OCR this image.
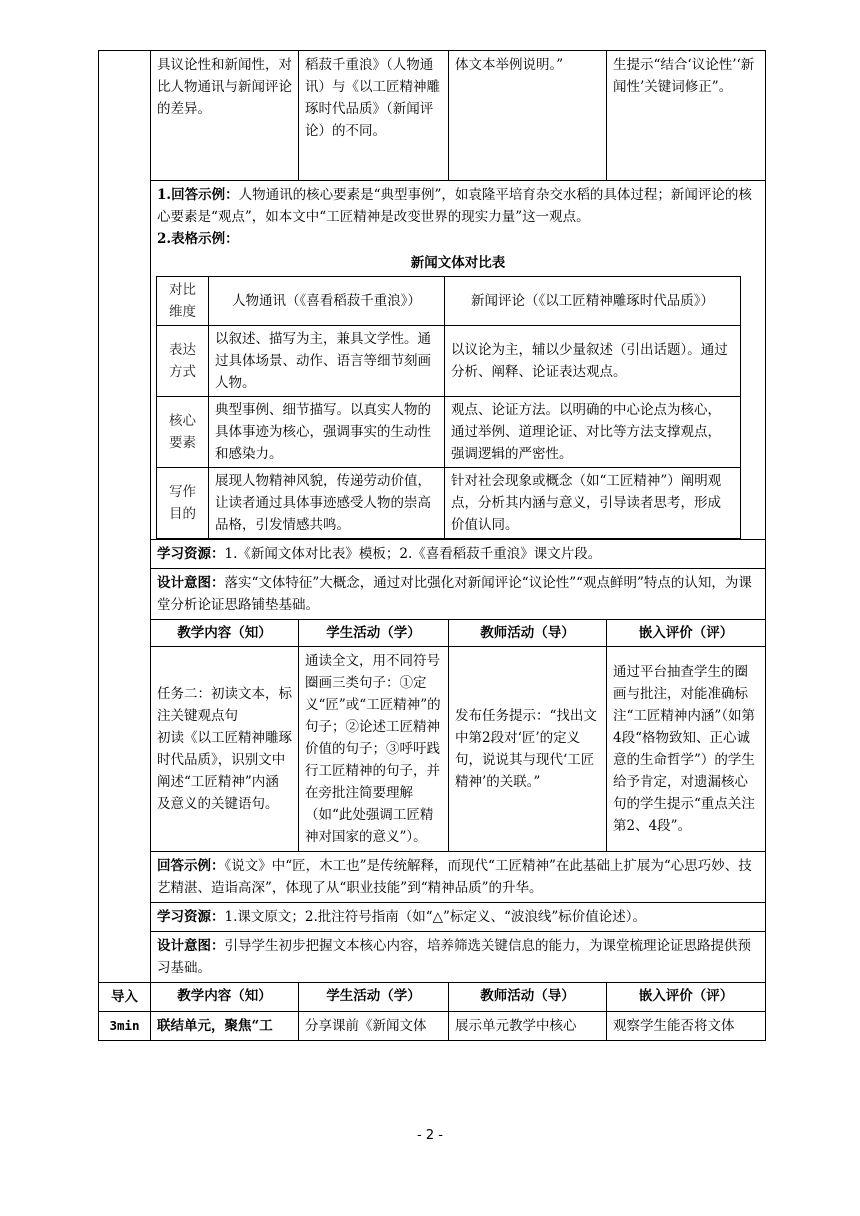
	具议论性和新闻性，对比人物通讯与新闻评论的差异。	稻菽千重浪》（人物通讯）与《以工匠精神雕琢时代品质》（新闻评论）的不同。	体文本举例说明。”	生提示“结合‘议论性’‘新闻性’关键词修正”。

1.回答示例：人物通讯的核心要素是“典型事例”，如袁隆平培育杂交水稻的具体过程；新闻评论的核心要素是“观点”，如本文中“工匠精神是改变世界的现实力量”这一观点。
2.表格示例：
新闻文体对比表
对比维度	人物通讯（《喜看稻菽千重浪》）	新闻评论（《以工匠精神雕琢时代品质》）
表达方式	以叙述、描写为主，兼具文学性。通过具体场景、动作、语言等细节刻画人物。	以议论为主，辅以少量叙述（引出话题）。通过分析、阐释、论证表达观点。
核心要素	典型事例、细节描写。以真实人物的具体事迹为核心，强调事实的生动性和感染力。	观点、论证方法。以明确的中心论点为核心，通过举例、道理论证、对比等方法支撑观点，强调逻辑的严密性。
写作目的	展现人物精神风貌，传递劳动价值，让读者通过具体事迹感受人物的崇高品格，引发情感共鸣。	针对社会现象或概念（如“工匠精神”）阐明观点，分析其内涵与意义，引导读者思考，形成价值认同。

学习资源：1.《新闻文体对比表》模板；2.《喜看稻菽千重浪》课文片段。
设计意图：落实“文体特征”大概念，通过对比强化对新闻评论“议论性”“观点鲜明”特点的认知，为课堂分析论证思路铺垫基础。
教学内容（知）	学生活动（学）	教师活动（导）	嵌入评价（评）
任务二：初读文本，标注关键观点句
初读《以工匠精神雕琢时代品质》，识别文中阐述“工匠精神”内涵及意义的关键语句。	通读全文，用不同符号圈画三类句子：①定义“匠”或“工匠精神”的句子；②论述工匠精神价值的句子；③呼吁践行工匠精神的句子，并在旁批注简要理解（如“此处强调工匠精神对国家的意义”）。	发布任务提示：“找出文中第2段对‘匠’的定义句，说说其与现代‘工匠精神’的关联。”	通过平台抽查学生的圈画与批注，对能准确标注“工匠精神内涵”（如第4段“格物致知、正心诚意的生命哲学”）的学生给予肯定，对遗漏核心句的学生提示“重点关注第2、4段”。
回答示例：《说文》中“匠，木工也”是传统解释，而现代“工匠精神”在此基础上扩展为“心思巧妙、技艺精湛、造诣高深”，体现了从“职业技能”到“精神品质”的升华。
学习资源：1.课文原文；2.批注符号指南（如“△”标定义、“波浪线”标价值论述）。
设计意图：引导学生初步把握文本核心内容，培养筛选关键信息的能力，为课堂梳理论证思路提供预习基础。
导入	教学内容（知）	学生活动（学）	教师活动（导）	嵌入评价（评）
3min	联结单元，聚焦“工	分享课前《新闻文体	展示单元教学中核心	观察学生能否将文体
- 2 -
